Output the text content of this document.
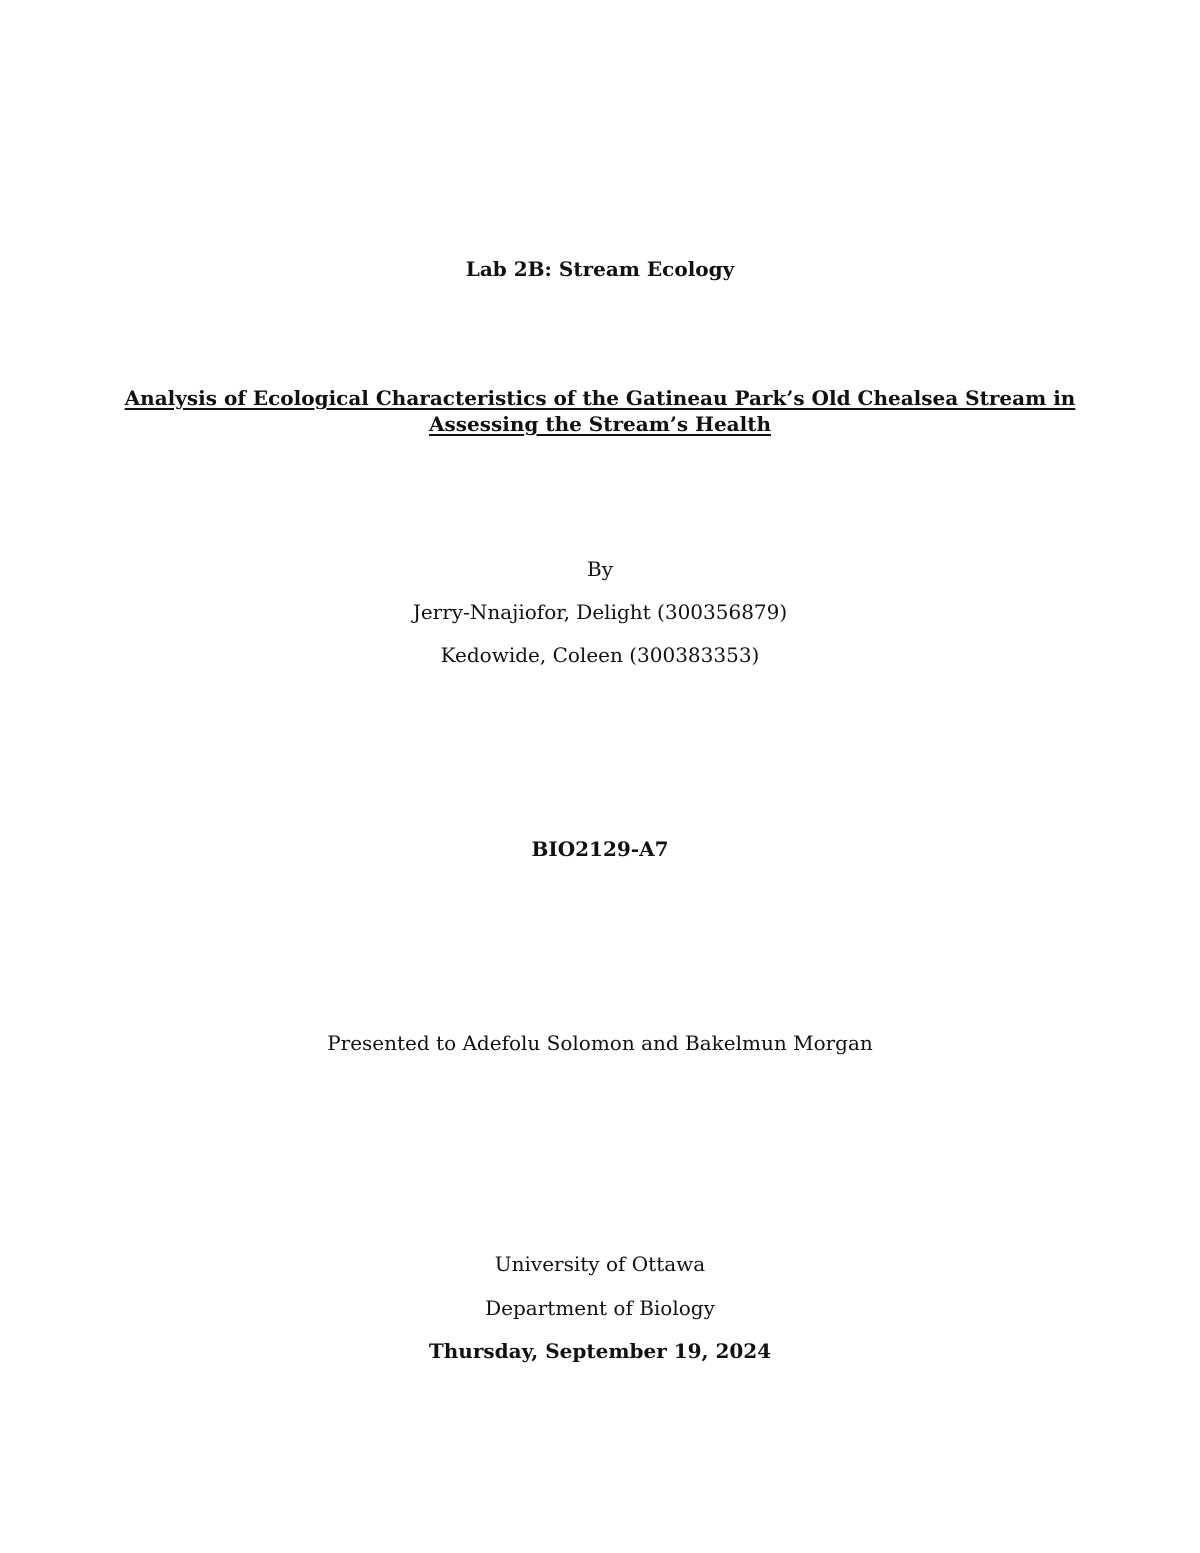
Lab 2B: Stream Ecology
Analysis of Ecological Characteristics of the Gatineau Park’s Old Chealsea Stream in
Assessing the Stream’s Health
By
Jerry-Nnajiofor, Delight (300356879)
Kedowide, Coleen (300383353)
BIO2129-A7
Presented to Adefolu Solomon and Bakelmun Morgan
University of Ottawa
Department of Biology
Thursday, September 19, 2024
